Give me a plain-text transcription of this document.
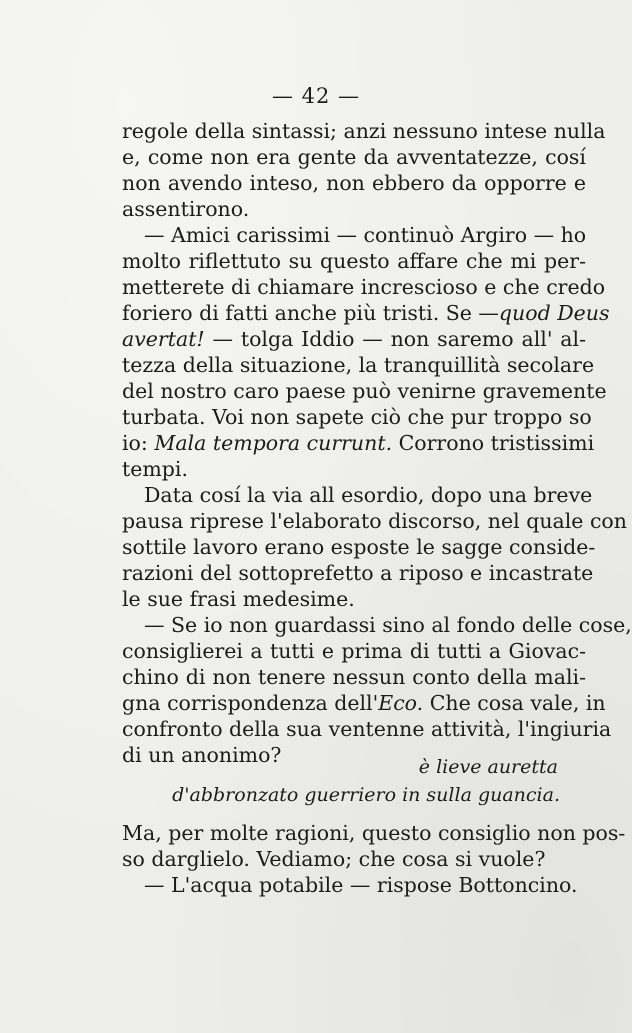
— 42 —
regole della sintassi; anzi nessuno intese nulla
e, come non era gente da avventatezze, cosí
non avendo inteso, non ebbero da opporre e
assentirono.
— Amici carissimi — continuò Argiro — ho
molto riflettuto su questo affare che mi per-
metterete di chiamare increscioso e che credo
foriero di fatti anche più tristi. Se —quod Deus
avertat! — tolga Iddio — non saremo all' al-
tezza della situazione, la tranquillità secolare
del nostro caro paese può venirne gravemente
turbata. Voi non sapete ciò che pur troppo so
io: Mala tempora currunt. Corrono tristissimi
tempi.
Data cosí la via all esordio, dopo una breve
pausa riprese l'elaborato discorso, nel quale con
sottile lavoro erano esposte le sagge conside-
razioni del sottoprefetto a riposo e incastrate
le sue frasi medesime.
— Se io non guardassi sino al fondo delle cose,
consiglierei a tutti e prima di tutti a Giovac-
chino di non tenere nessun conto della mali-
gna corrispondenza dell'Eco. Che cosa vale, in
confronto della sua ventenne attività, l'ingiuria
di un anonimo?	è lieve auretta
d'abbronzato guerriero in sulla guancia.
Ma, per molte ragioni, questo consiglio non pos-
so darglielo. Vediamo; che cosa si vuole?
— L'acqua potabile — rispose Bottoncino.
